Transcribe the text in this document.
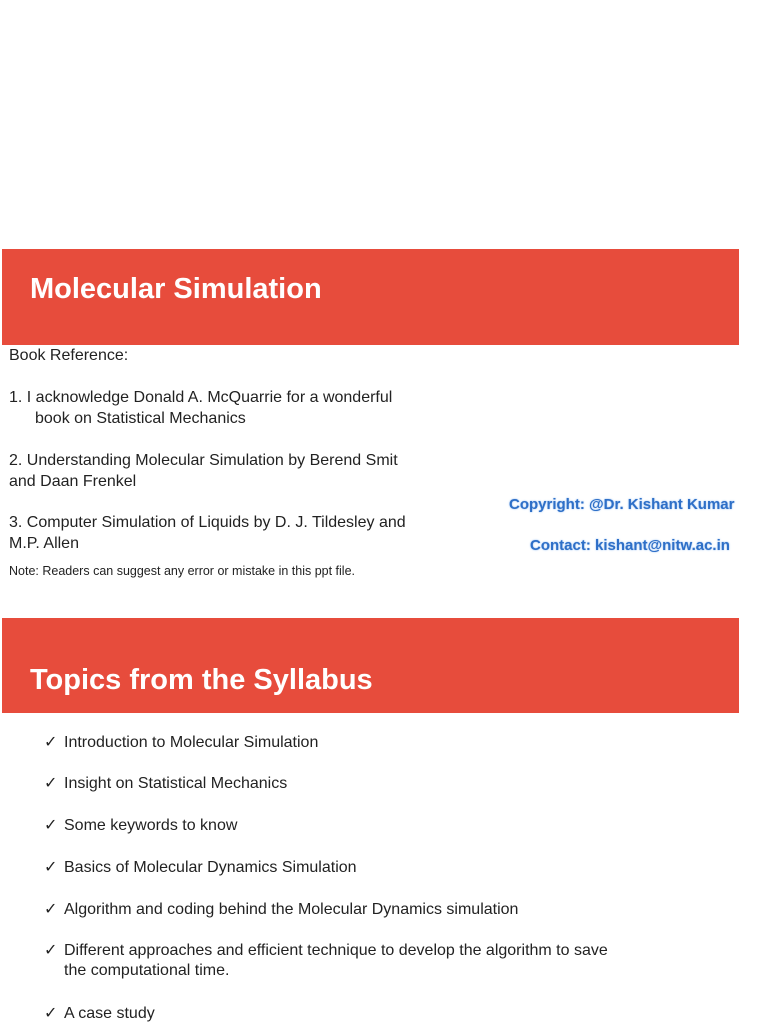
Molecular Simulation
Book Reference:
1. I acknowledge Donald A. McQuarrie for a wonderful
book on Statistical Mechanics
2. Understanding Molecular Simulation by Berend Smit
and Daan Frenkel
3. Computer Simulation of Liquids by D. J. Tildesley and
M.P. Allen
Note: Readers can suggest any error or mistake in this ppt file.
Copyright: @Dr. Kishant Kumar
Contact: kishant@nitw.ac.in
Topics from the Syllabus
✓ Introduction to Molecular Simulation
✓ Insight on Statistical Mechanics
✓ Some keywords to know
✓ Basics of Molecular Dynamics Simulation
✓ Algorithm and coding behind the Molecular Dynamics simulation
✓ Different approaches and efficient technique to develop the algorithm to save
the computational time.
✓ A case study
